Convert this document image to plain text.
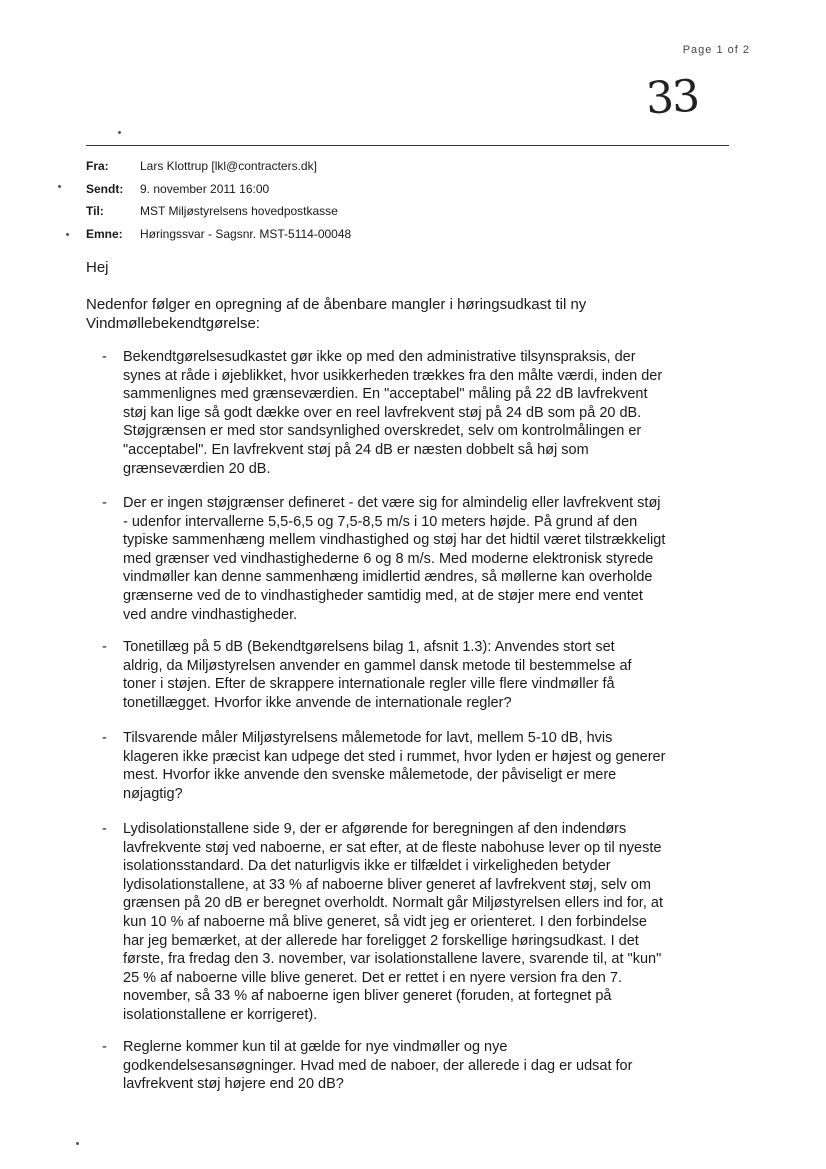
Page 1 of 2
33
Fra:	Lars Klottrup [lkl@contracters.dk]
Sendt:	9. november 2011 16:00
Til:	MST Miljøstyrelsens hovedpostkasse
Emne:	Høringssvar - Sagsnr. MST-5114-00048
Hej
Nedenfor følger en opregning af de åbenbare mangler i høringsudkast til ny
Vindmøllebekendtgørelse:
- Bekendtgørelsesudkastet gør ikke op med den administrative tilsynspraksis, der
synes at råde i øjeblikket, hvor usikkerheden trækkes fra den målte værdi, inden der
sammenlignes med grænseværdien. En "acceptabel" måling på 22 dB lavfrekvent
støj kan lige så godt dække over en reel lavfrekvent støj på 24 dB som på 20 dB.
Støjgrænsen er med stor sandsynlighed overskredet, selv om kontrolmålingen er
"acceptabel". En lavfrekvent støj på 24 dB er næsten dobbelt så høj som
grænseværdien 20 dB.
- Der er ingen støjgrænser defineret - det være sig for almindelig eller lavfrekvent støj
- udenfor intervallerne 5,5-6,5 og 7,5-8,5 m/s i 10 meters højde. På grund af den
typiske sammenhæng mellem vindhastighed og støj har det hidtil været tilstrækkeligt
med grænser ved vindhastighederne 6 og 8 m/s. Med moderne elektronisk styrede
vindmøller kan denne sammenhæng imidlertid ændres, så møllerne kan overholde
grænserne ved de to vindhastigheder samtidig med, at de støjer mere end ventet
ved andre vindhastigheder.
- Tonetillæg på 5 dB (Bekendtgørelsens bilag 1, afsnit 1.3): Anvendes stort set
aldrig, da Miljøstyrelsen anvender en gammel dansk metode til bestemmelse af
toner i støjen. Efter de skrappere internationale regler ville flere vindmøller få
tonetillægget. Hvorfor ikke anvende de internationale regler?
- Tilsvarende måler Miljøstyrelsens målemetode for lavt, mellem 5-10 dB, hvis
klageren ikke præcist kan udpege det sted i rummet, hvor lyden er højest og generer
mest. Hvorfor ikke anvende den svenske målemetode, der påviseligt er mere
nøjagtig?
- Lydisolationstallene side 9, der er afgørende for beregningen af den indendørs
lavfrekvente støj ved naboerne, er sat efter, at de fleste nabohuse lever op til nyeste
isolationsstandard. Da det naturligvis ikke er tilfældet i virkeligheden betyder
lydisolationstallene, at 33 % af naboerne bliver generet af lavfrekvent støj, selv om
grænsen på 20 dB er beregnet overholdt. Normalt går Miljøstyrelsen ellers ind for, at
kun 10 % af naboerne må blive generet, så vidt jeg er orienteret. I den forbindelse
har jeg bemærket, at der allerede har foreligget 2 forskellige høringsudkast. I det
første, fra fredag den 3. november, var isolationstallene lavere, svarende til, at "kun"
25 % af naboerne ville blive generet. Det er rettet i en nyere version fra den 7.
november, så 33 % af naboerne igen bliver generet (foruden, at fortegnet på
isolationstallene er korrigeret).
- Reglerne kommer kun til at gælde for nye vindmøller og nye
godkendelsesansøgninger. Hvad med de naboer, der allerede i dag er udsat for
lavfrekvent støj højere end 20 dB?
